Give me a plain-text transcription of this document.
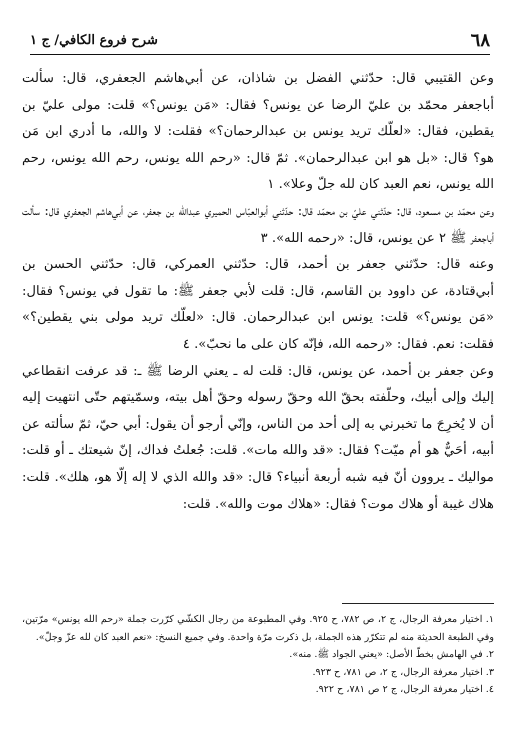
٦٨
شرح فروع الكافي/ ج ١

وعن القتيبي قال: حدّثني الفضل بن شاذان، عن أبي‌هاشم الجعفري، قال: سألت أباجعفر محمّد بن عليّ الرضا عن يونس؟ فقال: «مَن يونس؟» قلت: مولى عليّ بن يقطين، فقال: «لعلّك تريد يونس بن عبدالرحمان؟» فقلت: لا والله، ما أدري ابن مَن هو؟ قال: «بل هو ابن عبدالرحمان». ثمّ قال: «رحم الله يونس، رحم الله يونس، رحم الله يونس، نعم العبد كان لله جلّ وعلا». ١

وعن محمّد بن مسعود، قال: حدّثني عليّ بن محمّد قال: حدّثني أبوالعبّاس الحميري عبدالله بن جعفر، عن أبي‌هاشم الجعفري قال: سألت أباجعفر ﷺ ٢ عن يونس، قال: «رحمه الله». ٣

وعنه قال: حدّثني جعفر بن أحمد، قال: حدّثني العمركي، قال: حدّثني الحسن بن أبي‌قتادة، عن داوود بن القاسم، قال: قلت لأبي جعفر ﷺ: ما تقول في يونس؟ فقال: «مَن يونس؟» قلت: يونس ابن عبدالرحمان. قال: «لعلّك تريد مولى بني يقطين؟» فقلت: نعم. فقال: «رحمه الله، فإنّه كان على ما نحبّ». ٤

وعن جعفر بن أحمد، عن يونس، قال: قلت له ـ يعني الرضا ﷺ ـ: قد عرفت انقطاعي إليك وإلى أبيك، وحلّفته بحقّ الله وحقّ رسوله وحقّ أهل بيته، وسمّيتهم حتّى انتهيت إليه أن لا يُخرِجَ ما تخبرني به إلى أحد من الناس، وإنّي أرجو أن يقول: أبي حيّ، ثمّ سألته عن أبيه، أحَيٌّ هو أم ميّت؟ فقال: «قد والله مات». قلت: جُعلتُ فداك، إنّ شيعتك ـ أو قلت: مواليك ـ يروون أنّ فيه شبه أربعة أنبياء؟ قال: «قد والله الذي لا إله إلّا هو، هلك». قلت: هلاك غيبة أو هلاك موت؟ فقال: «هلاك موت والله». قلت:

١. اختيار معرفة الرجال، ج ٢، ص ٧٨٢، ح ٩٢٥. وفي المطبوعة من رجال الكشّي كرّرت جملة «رحم الله يونس» مرّتين، وفي الطبعة الحديثة منه لم تتكرّر هذه الجملة، بل ذكرت مرّة واحدة. وفي جميع النسخ: «نعم العبد كان لله عزّ وجلّ».

٢. في الهامش بخطّ الأصل: «يعني الجواد ﷺ. منه».

٣. اختيار معرفة الرجال، ج ٢، ص ٧٨١، ح ٩٢٣.

٤. اختيار معرفة الرجال، ج ٢ ص ٧٨١، ح ٩٢٢.
